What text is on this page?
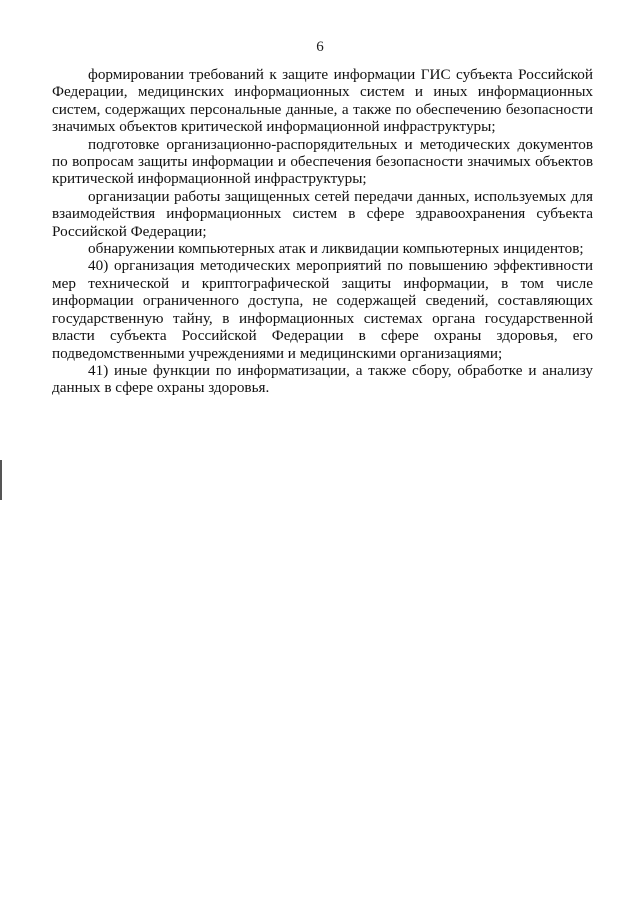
6

формировании требований к защите информации ГИС субъекта Российской Федерации, медицинских информационных систем и иных информационных систем, содержащих персональные данные, а также по обеспечению безопасности значимых объектов критической информационной инфраструктуры;

подготовке организационно-распорядительных и методических документов по вопросам защиты информации и обеспечения безопасности значимых объектов критической информационной инфраструктуры;

организации работы защищенных сетей передачи данных, используемых для взаимодействия информационных систем в сфере здравоохранения субъекта Российской Федерации;

обнаружении компьютерных атак и ликвидации компьютерных инцидентов;

40) организация методических мероприятий по повышению эффективности мер технической и криптографической защиты информации, в том числе информации ограниченного доступа, не содержащей сведений, составляющих государственную тайну, в информационных системах органа государственной власти субъекта Российской Федерации в сфере охраны здоровья, его подведомственными учреждениями и медицинскими организациями;

41) иные функции по информатизации, а также сбору, обработке и анализу данных в сфере охраны здоровья.
